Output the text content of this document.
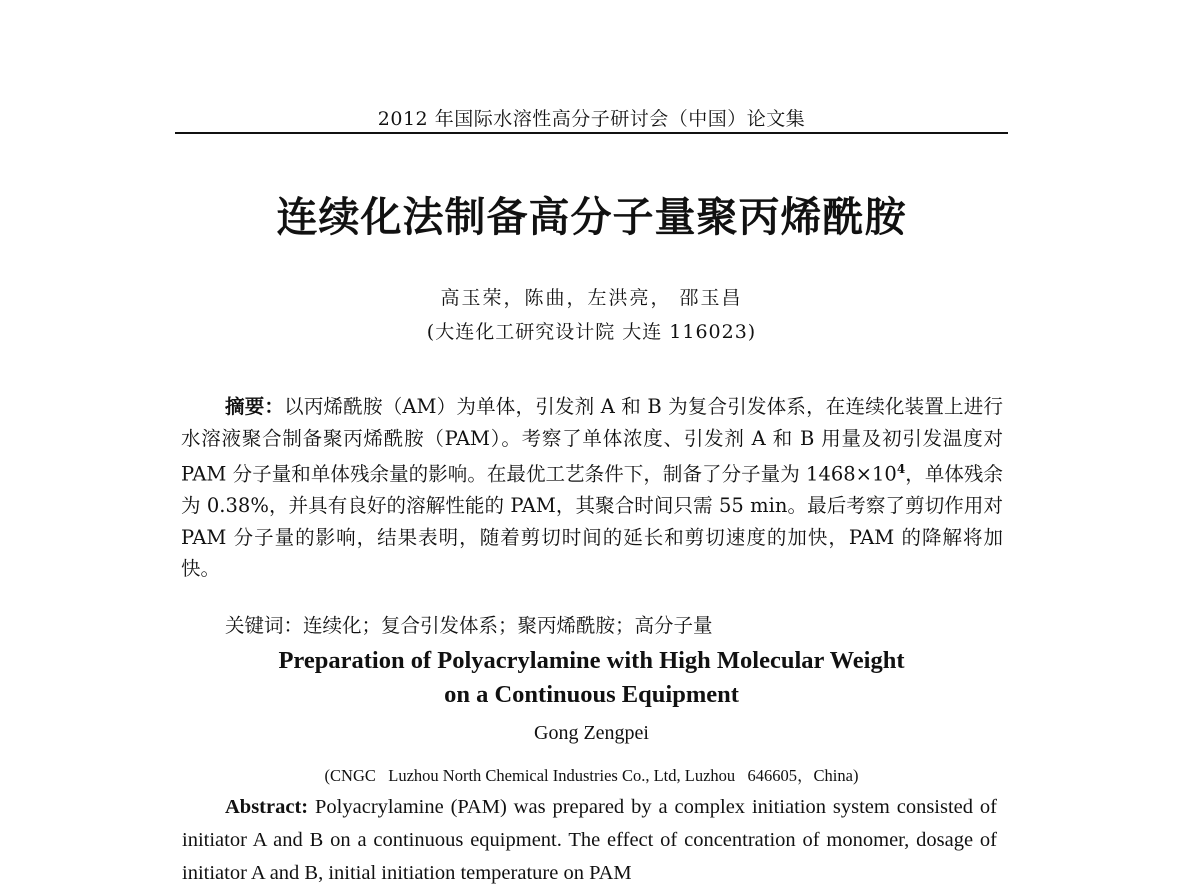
2012 年国际水溶性高分子研讨会（中国）论文集
连续化法制备高分子量聚丙烯酰胺
高玉荣，陈曲，左洪亮， 邵玉昌
(大连化工研究设计院 大连 116023)

摘要：以丙烯酰胺（AM）为单体，引发剂 A 和 B 为复合引发体系，在连续化装置上进行水溶液聚合制备聚丙烯酰胺（PAM）。考察了单体浓度、引发剂 A 和 B 用量及初引发温度对 PAM 分子量和单体残余量的影响。在最优工艺条件下，制备了分子量为 $1468\times 10^4$，单体残余为 0.38%，并具有良好的溶解性能的 PAM，其聚合时间只需 55 min。最后考察了剪切作用对 PAM 分子量的影响，结果表明，随着剪切时间的延长和剪切速度的加快，PAM 的降解将加快。

关键词：连续化；复合引发体系；聚丙烯酰胺；高分子量

Preparation of Polyacrylamine with High Molecular Weight
on a Continuous Equipment
Gong Zengpei
(CNGC   Luzhou North Chemical Industries Co., Ltd, Luzhou   646605，China)

Abstract: Polyacrylamine (PAM) was prepared by a complex initiation system consisted of initiator A and B on a continuous equipment. The effect of concentration of monomer, dosage of initiator A and B, initial initiation temperature on PAM
